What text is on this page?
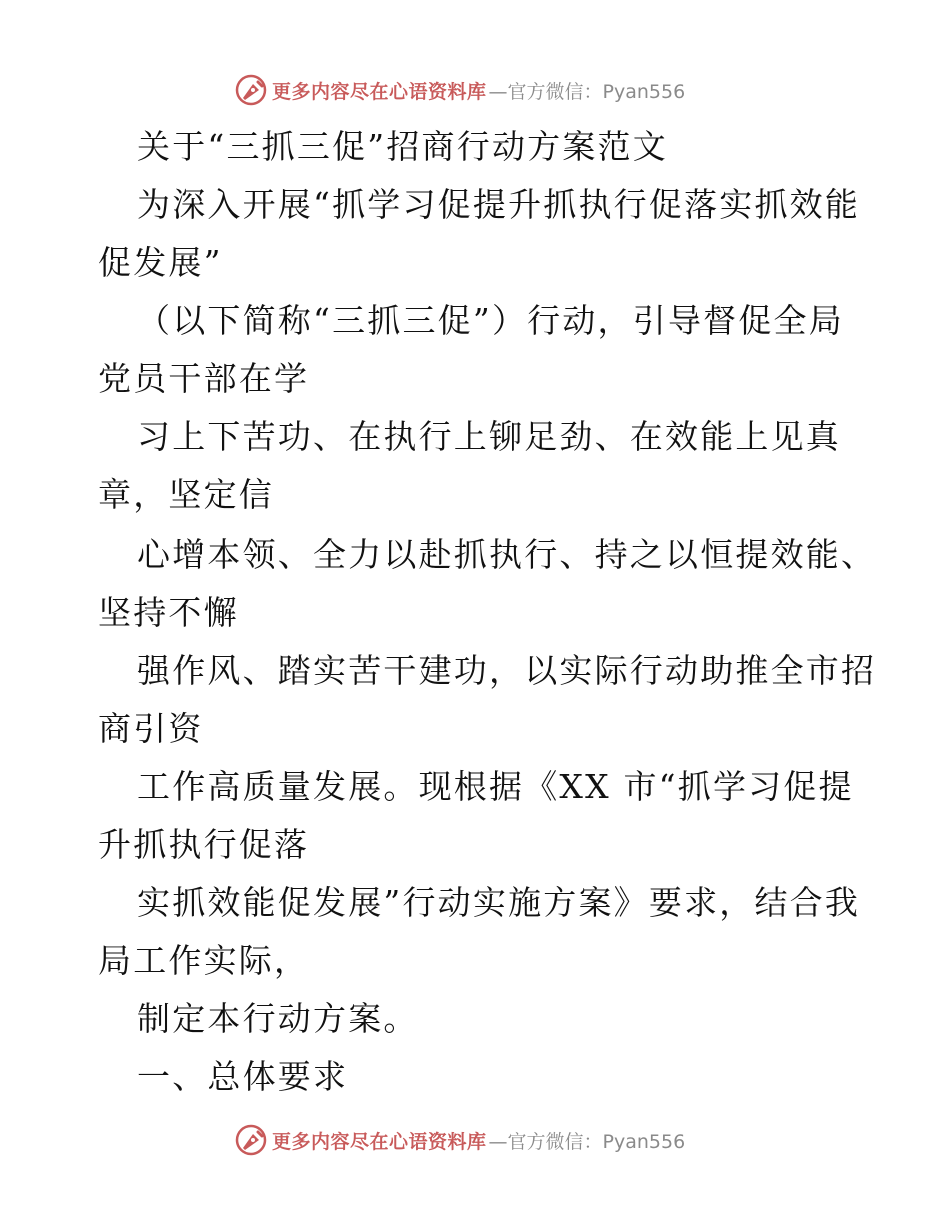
更多内容尽在心语资料库 —官方微信：Pyan556
关于“三抓三促”招商行动方案范文
为深入开展“抓学习促提升抓执行促落实抓效能
促发展”
（以下简称“三抓三促”）行动，引导督促全局
党员干部在学
习上下苦功、在执行上铆足劲、在效能上见真
章，坚定信
心增本领、全力以赴抓执行、持之以恒提效能、
坚持不懈
强作风、踏实苦干建功，以实际行动助推全市招
商引资
工作高质量发展。现根据《XX 市“抓学习促提
升抓执行促落
实抓效能促发展”行动实施方案》要求，结合我
局工作实际，
制定本行动方案。
一、总体要求
更多内容尽在心语资料库 —官方微信：Pyan556
